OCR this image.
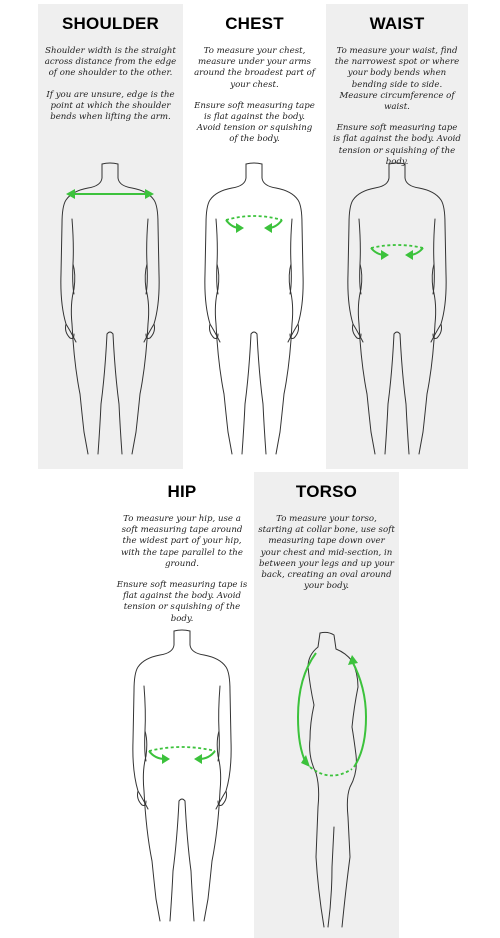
SHOULDER

Shoulder width is the straight across distance from the edge of one shoulder to the other.

If you are unsure, edge is the point at which the shoulder bends when lifting the arm.

CHEST

To measure your chest, measure under your arms around the broadest part of your chest.

Ensure soft measuring tape is flat against the body. Avoid tension or squishing of the body.

WAIST

To measure your waist, find the narrowest spot or where your body bends when bending side to side. Measure circumference of waist.

Ensure soft measuring tape is flat against the body. Avoid tension or squishing of the body.

HIP

To measure your hip, use a soft measuring tape around the widest part of your hip, with the tape parallel to the ground.

Ensure soft measuring tape is flat against the body. Avoid tension or squishing of the body.

TORSO

To measure your torso, starting at collar bone, use soft measuring tape down over your chest and mid-section, in between your legs and up your back, creating an oval around your body.
